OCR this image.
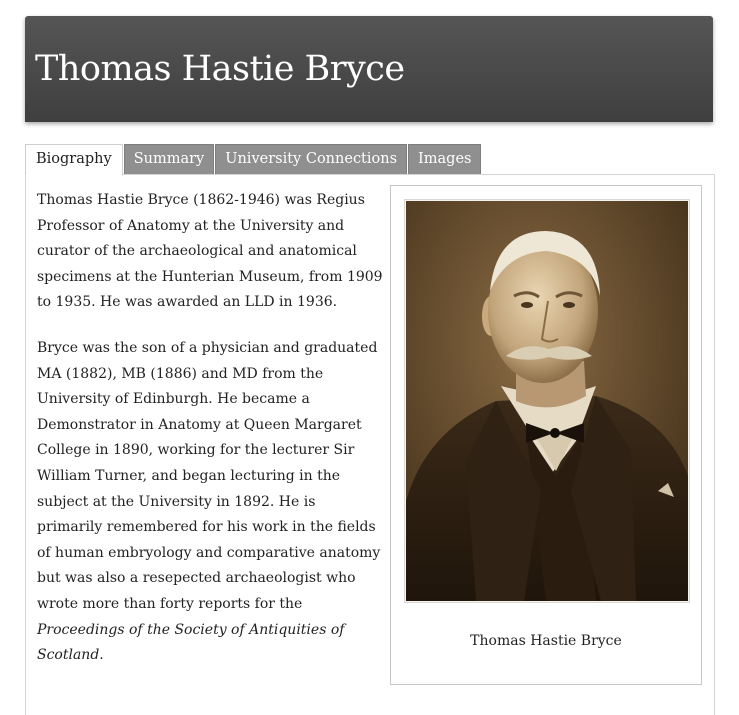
Thomas Hastie Bryce
Biography	Summary	University Connections	Images

Thomas Hastie Bryce (1862-1946) was Regius Professor of Anatomy at the University and curator of the archaeological and anatomical specimens at the Hunterian Museum, from 1909 to 1935. He was awarded an LLD in 1936.

Bryce was the son of a physician and graduated MA (1882), MB (1886) and MD from the University of Edinburgh. He became a Demonstrator in Anatomy at Queen Margaret College in 1890, working for the lecturer Sir William Turner, and began lecturing in the subject at the University in 1892. He is primarily remembered for his work in the fields of human embryology and comparative anatomy but was also a resepected archaeologist who wrote more than forty reports for the Proceedings of the Society of Antiquities of Scotland.

Thomas Hastie Bryce
